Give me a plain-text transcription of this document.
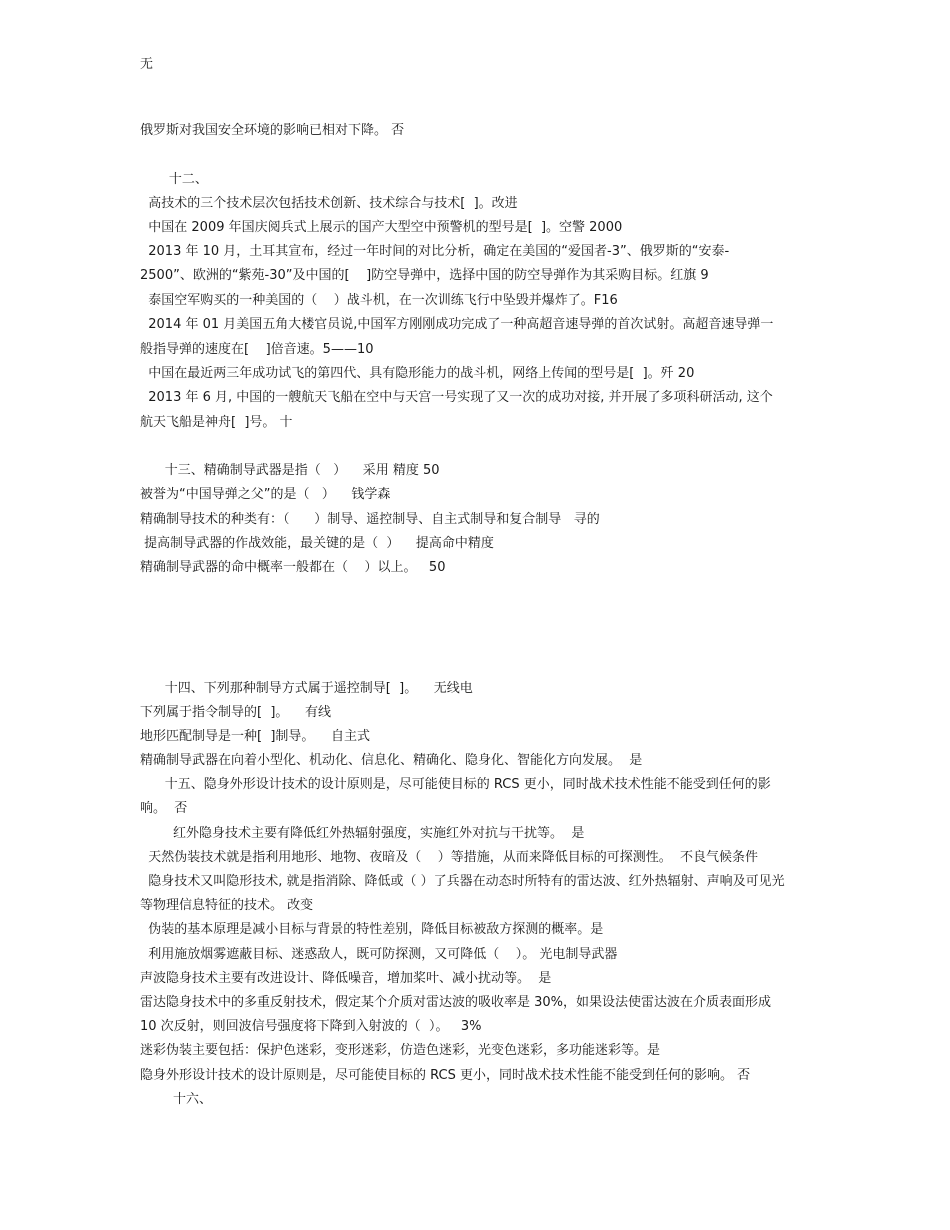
无
俄罗斯对我国安全环境的影响已相对下降。 否
十二、
高技术的三个技术层次包括技术创新、技术综合与技术[  ]。改进
中国在 2009 年国庆阅兵式上展示的国产大型空中预警机的型号是[  ]。空警 2000
2013 年 10 月，土耳其宣布，经过一年时间的对比分析，确定在美国的“爱国者-3”、俄罗斯的“安泰-
2500”、欧洲的“紫苑-30”及中国的[    ]防空导弹中，选择中国的防空导弹作为其采购目标。红旗 9
泰国空军购买的一种美国的（    ）战斗机，在一次训练飞行中坠毁并爆炸了。F16
2014 年 01 月美国五角大楼官员说,中国军方刚刚成功完成了一种高超音速导弹的首次试射。高超音速导弹一
般指导弹的速度在[    ]倍音速。5——10
中国在最近两三年成功试飞的第四代、具有隐形能力的战斗机，网络上传闻的型号是[  ]。歼 20
2013 年 6 月, 中国的一艘航天飞船在空中与天宫一号实现了又一次的成功对接, 并开展了多项科研活动, 这个
航天飞船是神舟[  ]号。 十
十三、精确制导武器是指（   ）    采用 精度 50
被誉为“中国导弹之父”的是（   ）    钱学森
精确制导技术的种类有：（      ）制导、遥控制导、自主式制导和复合制导   寻的
提高制导武器的作战效能，最关键的是（  ）    提高命中精度
精确制导武器的命中概率一般都在（    ）以上。   50
十四、下列那种制导方式属于遥控制导[  ]。    无线电
下列属于指令制导的[  ]。    有线
地形匹配制导是一种[  ]制导。    自主式
精确制导武器在向着小型化、机动化、信息化、精确化、隐身化、智能化方向发展。  是
十五、隐身外形设计技术的设计原则是，尽可能使目标的 RCS 更小，同时战术技术性能不能受到任何的影
响。  否
红外隐身技术主要有降低红外热辐射强度，实施红外对抗与干扰等。  是
天然伪装技术就是指利用地形、地物、夜暗及（    ）等措施，从而来降低目标的可探测性。  不良气候条件
隐身技术又叫隐形技术, 就是指消除、降低或（ ）了兵器在动态时所特有的雷达波、红外热辐射、声响及可见光
等物理信息特征的技术。 改变
伪装的基本原理是减小目标与背景的特性差别，降低目标被敌方探测的概率。是
利用施放烟雾遮蔽目标、迷惑敌人，既可防探测，又可降低（    ）。 光电制导武器
声波隐身技术主要有改进设计、降低噪音，增加桨叶、减小扰动等。  是
雷达隐身技术中的多重反射技术，假定某个介质对雷达波的吸收率是 30%，如果设法使雷达波在介质表面形成
10 次反射，则回波信号强度将下降到入射波的（  ）。   3%
迷彩伪装主要包括：保护色迷彩，变形迷彩，仿造色迷彩，光变色迷彩，多功能迷彩等。是
隐身外形设计技术的设计原则是，尽可能使目标的 RCS 更小，同时战术技术性能不能受到任何的影响。 否
十六、
